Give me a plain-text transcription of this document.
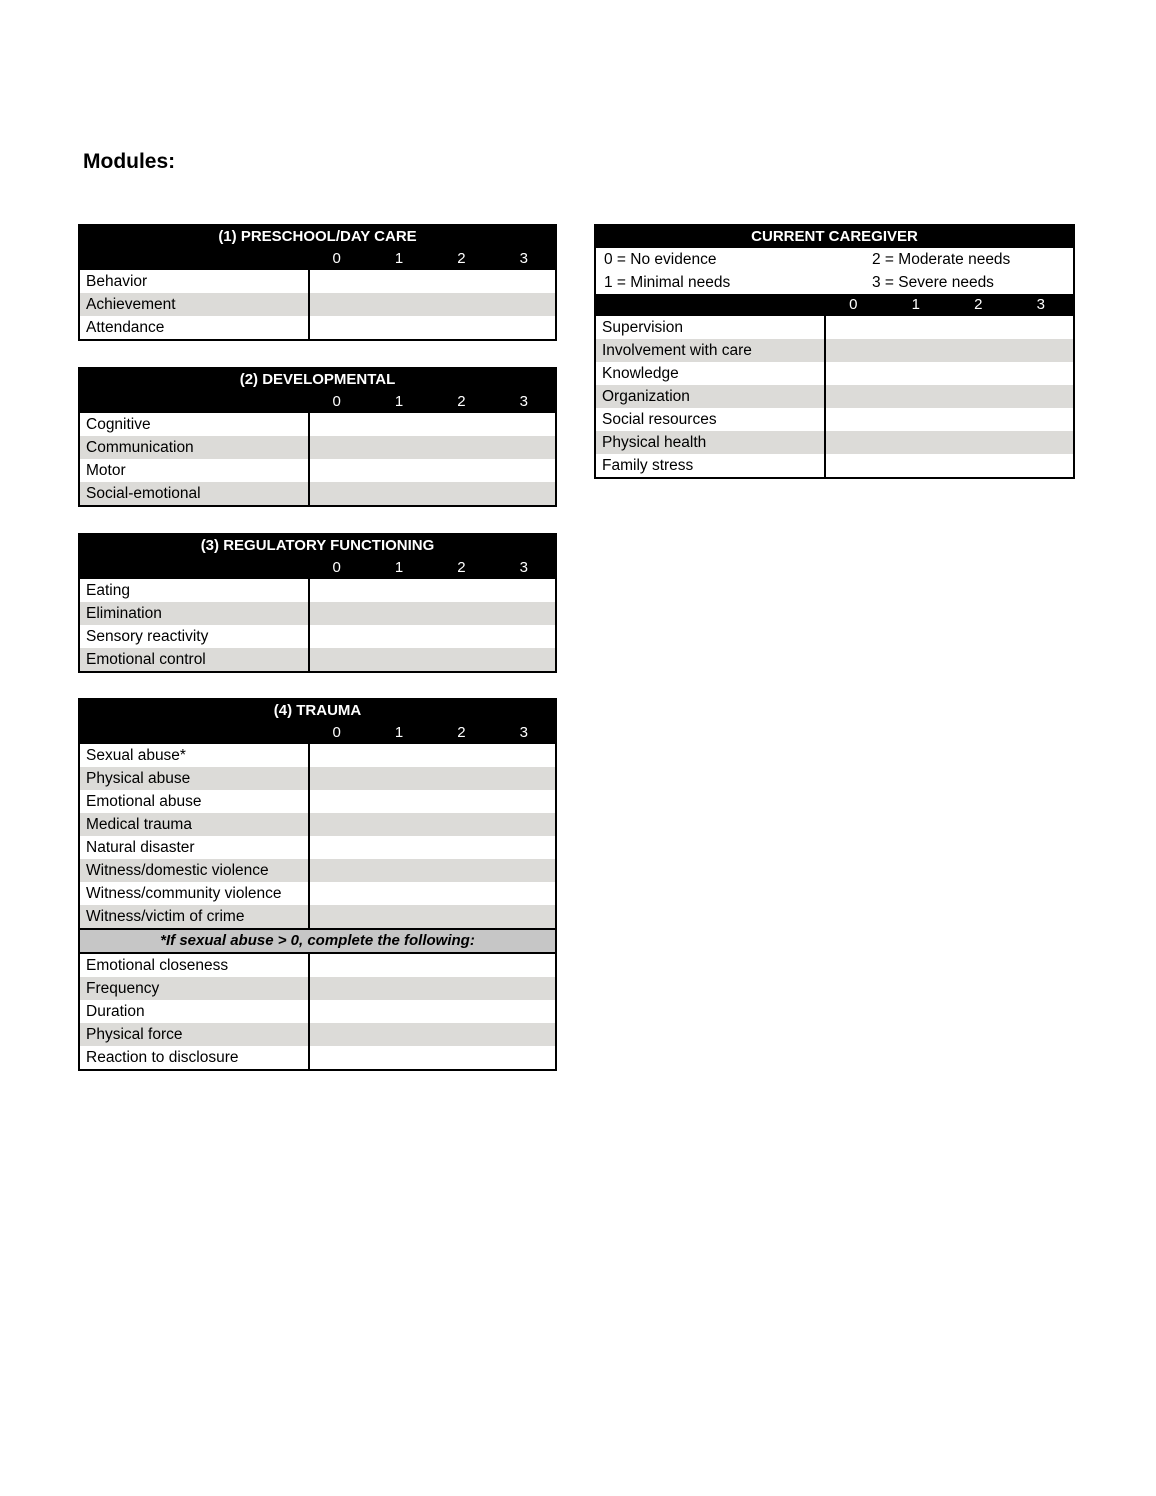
Modules:
(1) PRESCHOOL/DAY CARE
0	1	2	3
Behavior
Achievement
Attendance
(2) DEVELOPMENTAL
0	1	2	3
Cognitive
Communication
Motor
Social-emotional
(3) REGULATORY FUNCTIONING
0	1	2	3
Eating
Elimination
Sensory reactivity
Emotional control
(4) TRAUMA
0	1	2	3
Sexual abuse*
Physical abuse
Emotional abuse
Medical trauma
Natural disaster
Witness/domestic violence
Witness/community violence
Witness/victim of crime
*If sexual abuse > 0, complete the following:
Emotional closeness
Frequency
Duration
Physical force
Reaction to disclosure
CURRENT CAREGIVER
0 = No evidence	2 = Moderate needs
1 = Minimal needs	3 = Severe needs
0	1	2	3
Supervision
Involvement with care
Knowledge
Organization
Social resources
Physical health
Family stress
